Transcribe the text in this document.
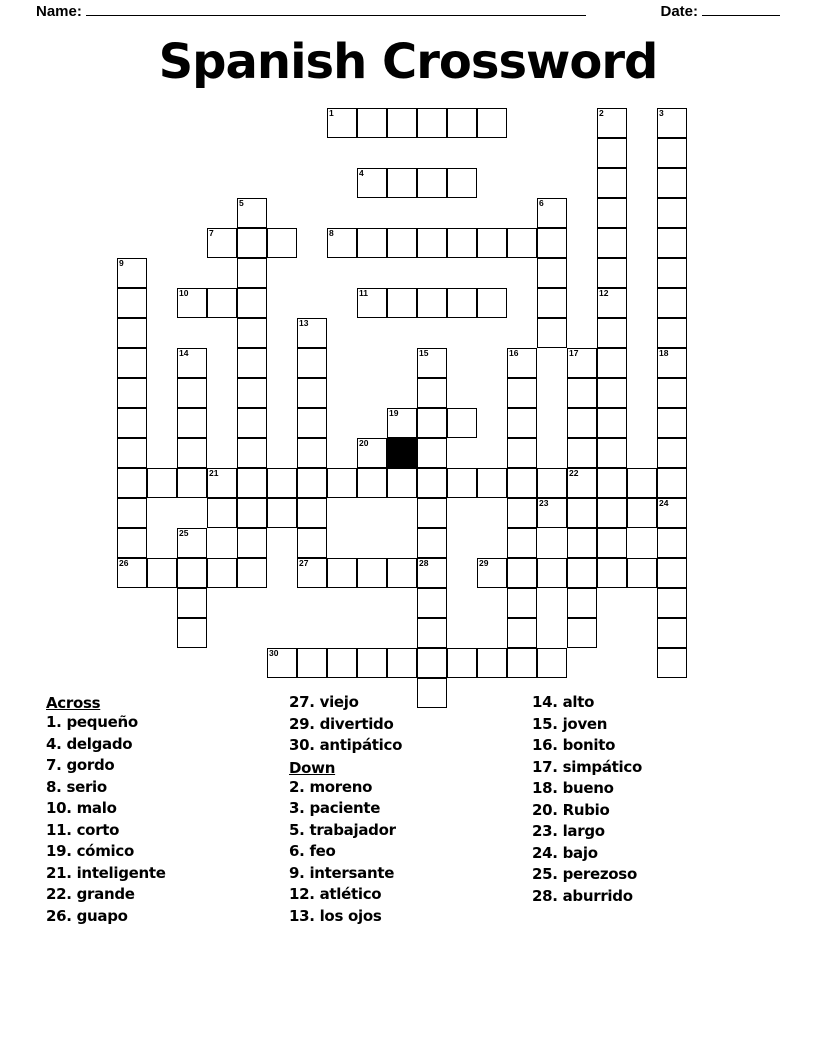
Name:	Date:
Spanish Crossword
1	2	3
4
5	6
7	8
9
10	11	12
13
14	15	16	17	18
19
20
21	22
23	24
25
26	27	28	29
30
Across
1. pequeño
4. delgado
7. gordo
8. serio
10. malo
11. corto
19. cómico
21. inteligente
22. grande
26. guapo
27. viejo
29. divertido
30. antipático
Down
2. moreno
3. paciente
5. trabajador
6. feo
9. intersante
12. atlético
13. los ojos
14. alto
15. joven
16. bonito
17. simpático
18. bueno
20. Rubio
23. largo
24. bajo
25. perezoso
28. aburrido
